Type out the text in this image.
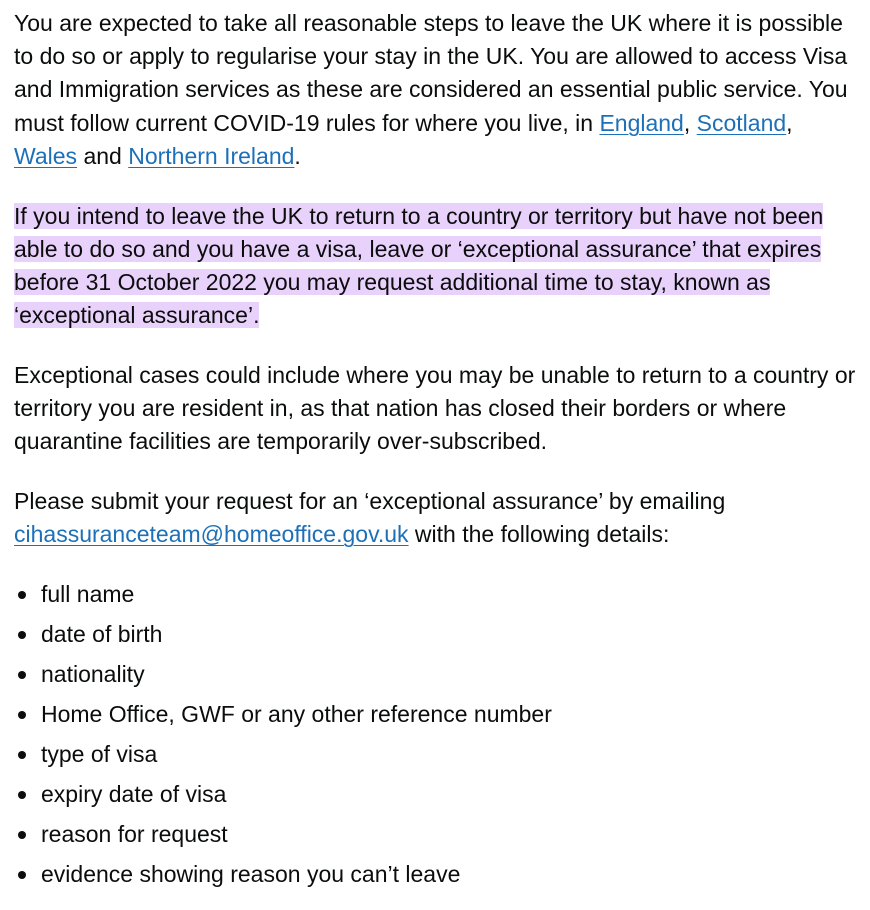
You are expected to take all reasonable steps to leave the UK where it is possible to do so or apply to regularise your stay in the UK. You are allowed to access Visa and Immigration services as these are considered an essential public service. You must follow current COVID-19 rules for where you live, in England, Scotland, Wales and Northern Ireland.

If you intend to leave the UK to return to a country or territory but have not been able to do so and you have a visa, leave or ‘exceptional assurance’ that expires before 31 October 2022 you may request additional time to stay, known as ‘exceptional assurance’.

Exceptional cases could include where you may be unable to return to a country or territory you are resident in, as that nation has closed their borders or where quarantine facilities are temporarily over-subscribed.

Please submit your request for an ‘exceptional assurance’ by emailing cihassuranceteam@homeoffice.gov.uk with the following details:

full name
date of birth
nationality
Home Office, GWF or any other reference number
type of visa
expiry date of visa
reason for request
evidence showing reason you can’t leave
